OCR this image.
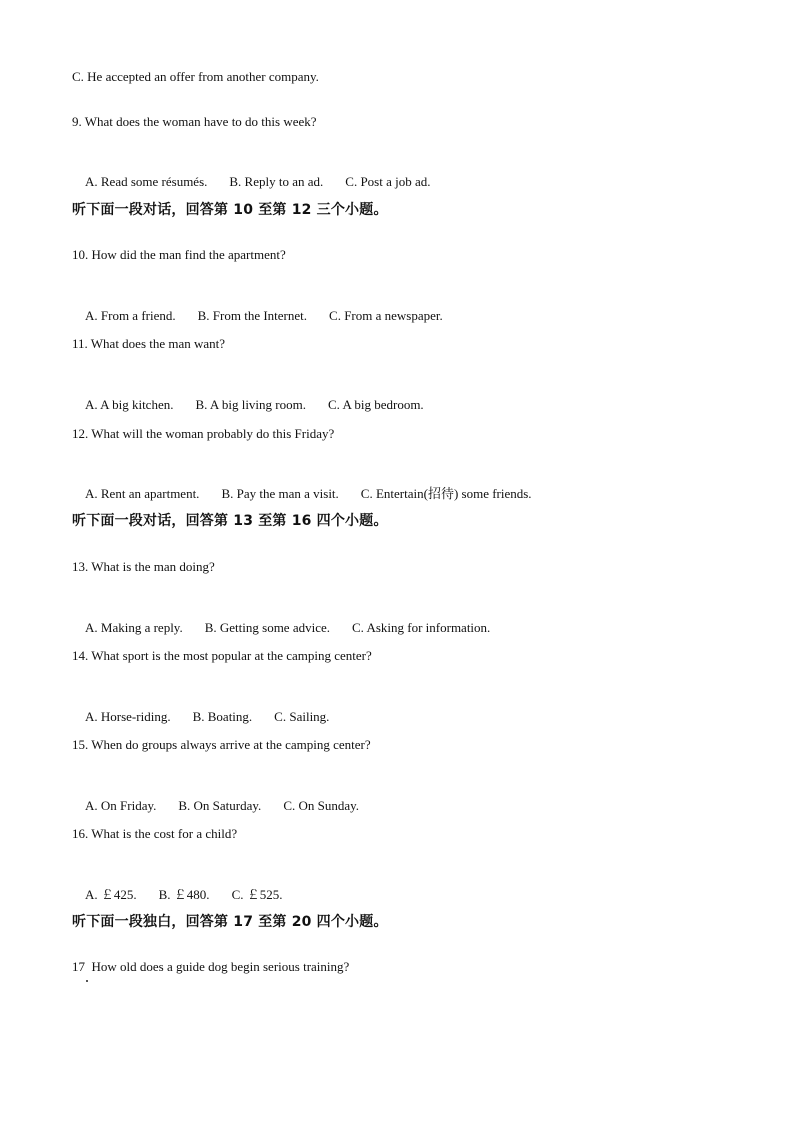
C. He accepted an offer from another company.
9. What does the woman have to do this week?

A. Read some résumés. B. Reply to an ad. C. Post a job ad.

听下面一段对话，回答第 10 至第 12 三个小题。
10. How did the man find the apartment?

A. From a friend. B. From the Internet. C. From a newspaper.

11. What does the man want?

A. A big kitchen. B. A big living room. C. A big bedroom.

12. What will the woman probably do this Friday?

A. Rent an apartment. B. Pay the man a visit. C. Entertain(招待) some friends.

听下面一段对话，回答第 13 至第 16 四个小题。
13. What is the man doing?

A. Making a reply. B. Getting some advice. C. Asking for information.

14. What sport is the most popular at the camping center?

A. Horse-riding. B. Boating. C. Sailing.

15. When do groups always arrive at the camping center?

A. On Friday. B. On Saturday. C. On Sunday.

16. What is the cost for a child?

A. ￡425. B. ￡480. C. ￡525.

听下面一段独白，回答第 17 至第 20 四个小题。
17  How old does a guide dog begin serious training?
